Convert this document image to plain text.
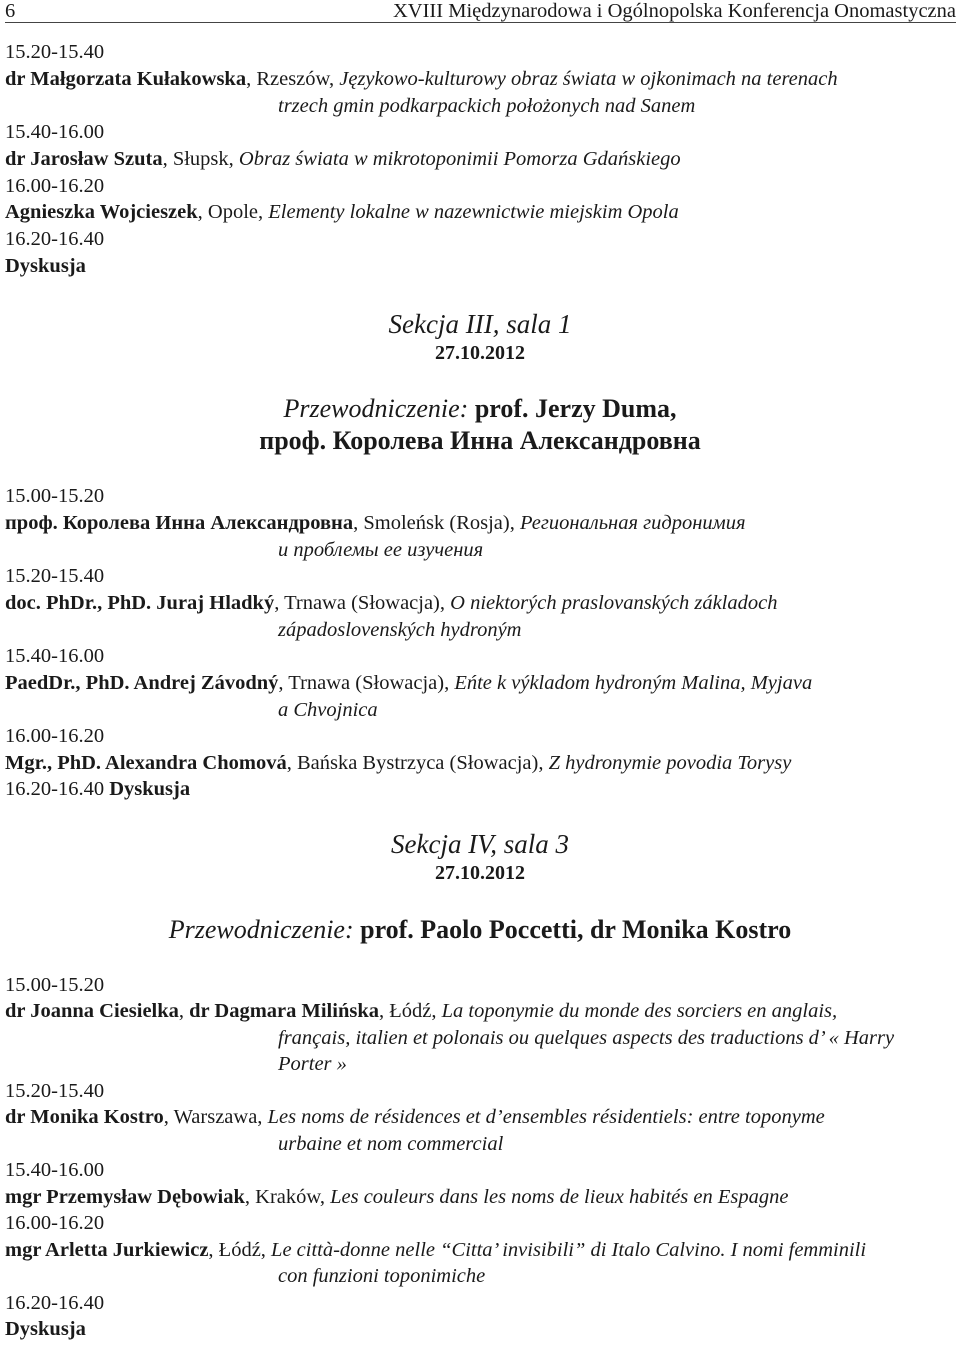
6	XVIII Międzynarodowa i Ogólnopolska Konferencja Onomastyczna
15.20-15.40
dr Małgorzata Kułakowska, Rzeszów, Językowo-kulturowy obraz świata w ojkonimach na terenach
trzech gmin podkarpackich położonych nad Sanem
15.40-16.00
dr Jarosław Szuta, Słupsk, Obraz świata w mikrotoponimii Pomorza Gdańskiego
16.00-16.20
Agnieszka Wojcieszek, Opole, Elementy lokalne w nazewnictwie miejskim Opola
16.20-16.40
Dyskusja
Sekcja III, sala 1
27.10.2012
Przewodniczenie: prof. Jerzy Duma,
проф. Королева Инна Александровна
15.00-15.20
проф. Королева Инна Александровна, Smoleńsk (Rosja), Региональная гидронимия
и проблемы ее изучения
15.20-15.40
doc. PhDr., PhD. Juraj Hladký, Trnawa (Słowacja), O niektorých praslovanských základoch
západoslovenských hydroným
15.40-16.00
PaedDr., PhD. Andrej Závodný, Trnawa (Słowacja), Eńte k výkladom hydroným Malina, Myjava
a Chvojnica
16.00-16.20
Mgr., PhD. Alexandra Chomová, Bańska Bystrzyca (Słowacja), Z hydronymie povodia Torysy
16.20-16.40 Dyskusja
Sekcja IV, sala 3
27.10.2012
Przewodniczenie: prof. Paolo Poccetti, dr Monika Kostro
15.00-15.20
dr Joanna Ciesielka, dr Dagmara Milińska, Łódź, La toponymie du monde des sorciers en anglais,
français, italien et polonais ou quelques aspects des traductions d’ « Harry
Porter »
15.20-15.40
dr Monika Kostro, Warszawa, Les noms de résidences et d’ensembles résidentiels: entre toponyme
urbaine et nom commercial
15.40-16.00
mgr Przemysław Dębowiak, Kraków, Les couleurs dans les noms de lieux habités en Espagne
16.00-16.20
mgr Arletta Jurkiewicz, Łódź, Le città-donne nelle “Citta’ invisibili” di Italo Calvino. I nomi femminili
con funzioni toponimiche
16.20-16.40
Dyskusja
